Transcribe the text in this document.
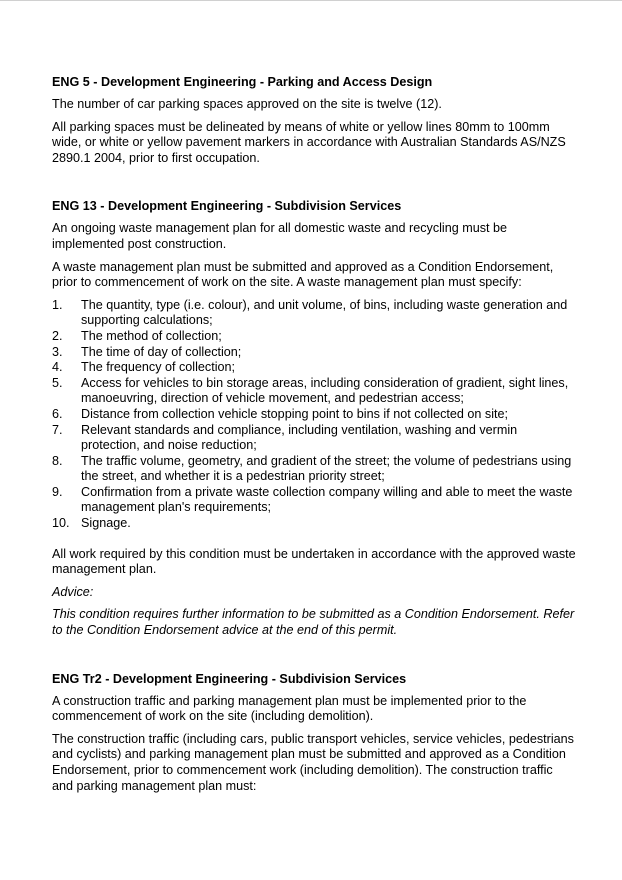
ENG 5 - Development Engineering - Parking and Access Design

The number of car parking spaces approved on the site is twelve (12).

All parking spaces must be delineated by means of white or yellow lines 80mm to 100mm wide, or white or yellow pavement markers in accordance with Australian Standards AS/NZS 2890.1 2004, prior to first occupation.

ENG 13 - Development Engineering - Subdivision Services

An ongoing waste management plan for all domestic waste and recycling must be implemented post construction.

A waste management plan must be submitted and approved as a Condition Endorsement, prior to commencement of work on the site. A waste management plan must specify:

1. The quantity, type (i.e. colour), and unit volume, of bins, including waste generation and supporting calculations;
2. The method of collection;
3. The time of day of collection;
4. The frequency of collection;
5. Access for vehicles to bin storage areas, including consideration of gradient, sight lines, manoeuvring, direction of vehicle movement, and pedestrian access;
6. Distance from collection vehicle stopping point to bins if not collected on site;
7. Relevant standards and compliance, including ventilation, washing and vermin protection, and noise reduction;
8. The traffic volume, geometry, and gradient of the street; the volume of pedestrians using the street, and whether it is a pedestrian priority street;
9. Confirmation from a private waste collection company willing and able to meet the waste management plan's requirements;
10. Signage.

All work required by this condition must be undertaken in accordance with the approved waste management plan.

Advice:

This condition requires further information to be submitted as a Condition Endorsement. Refer to the Condition Endorsement advice at the end of this permit.

ENG Tr2 - Development Engineering - Subdivision Services

A construction traffic and parking management plan must be implemented prior to the commencement of work on the site (including demolition).

The construction traffic (including cars, public transport vehicles, service vehicles, pedestrians and cyclists) and parking management plan must be submitted and approved as a Condition Endorsement, prior to commencement work (including demolition). The construction traffic and parking management plan must:
